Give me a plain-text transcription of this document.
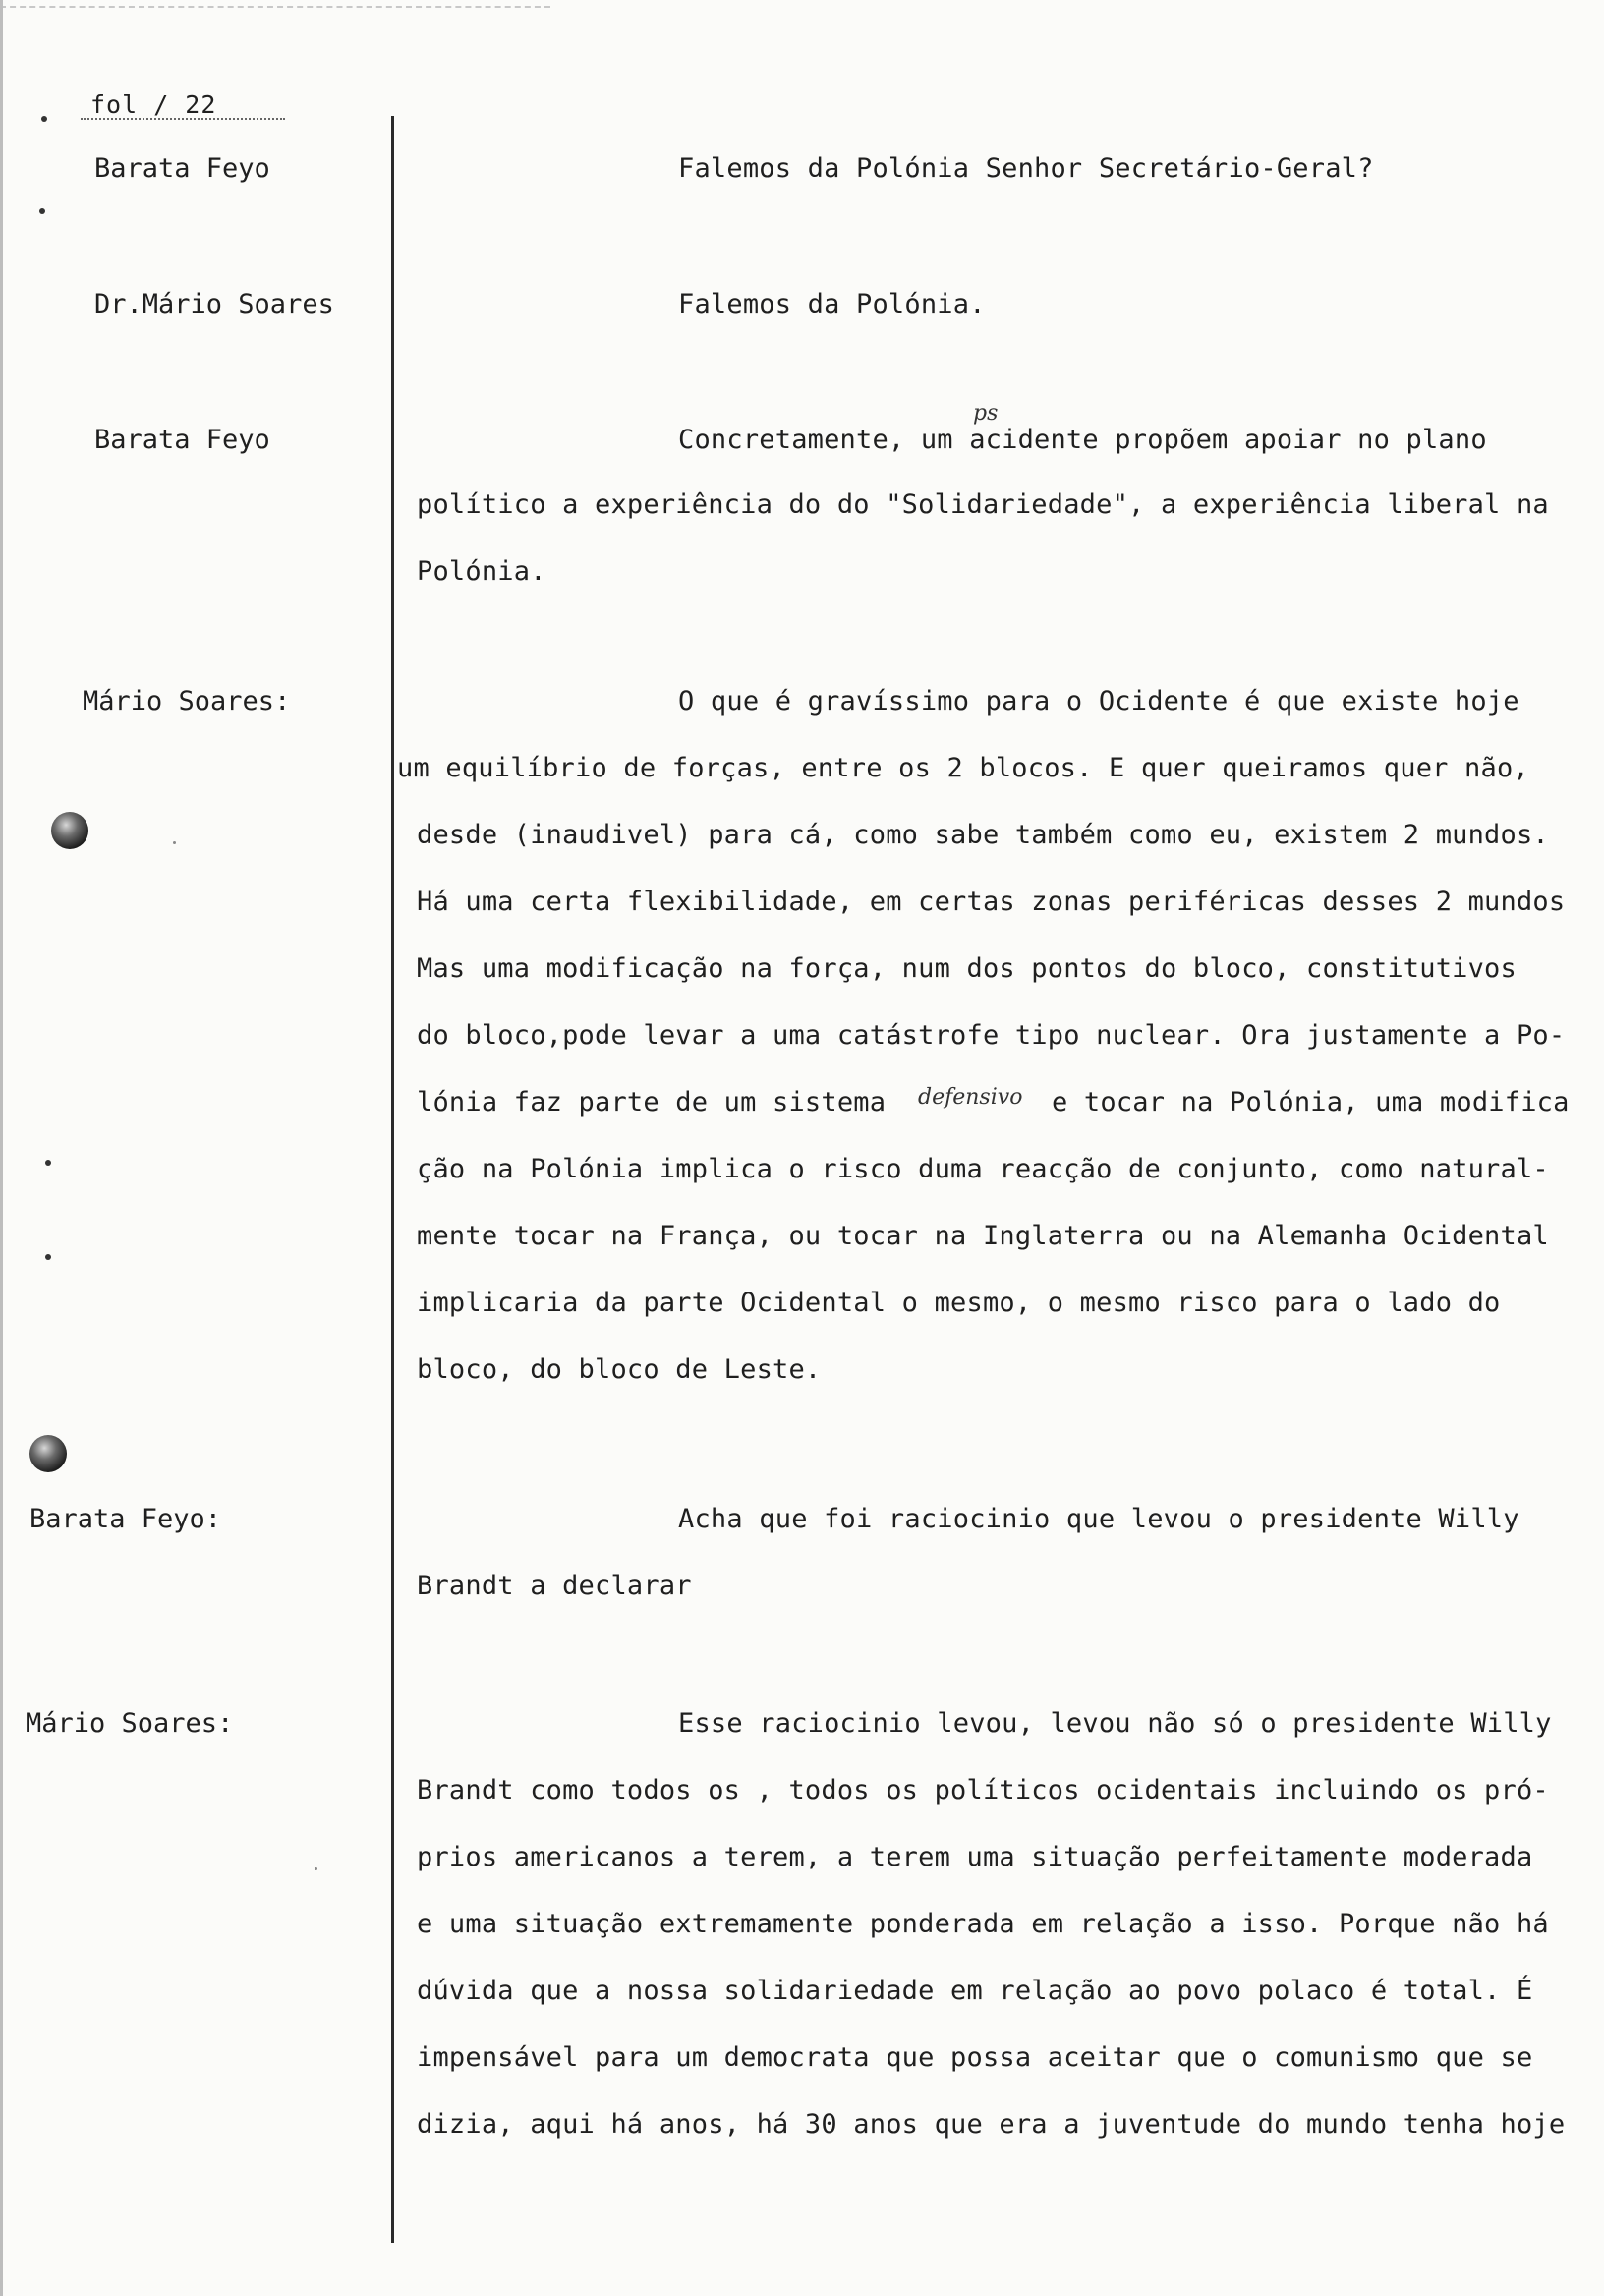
fol / 22
Barata Feyo
Dr.Mário Soares
Barata Feyo
Mário Soares:
Barata Feyo:
Mário Soares:
Falemos da Polónia Senhor Secretário-Geral?
Falemos da Polónia.
ps
Concretamente, um acidente propõem apoiar no plano
político a experiência do do "Solidariedade", a experiência liberal na
Polónia.
O que é gravíssimo para o Ocidente é que existe hoje
um equilíbrio de forças, entre os 2 blocos. E quer queiramos quer não,
desde (inaudivel) para cá, como sabe também como eu, existem 2 mundos.
Há uma certa flexibilidade, em certas zonas periféricas desses 2 mundos
Mas uma modificação na força, num dos pontos do bloco, constitutivos
do bloco,pode levar a uma catástrofe tipo nuclear. Ora justamente a Po-
lónia faz parte de um sistema defensivo e tocar na Polónia, uma modifica
ção na Polónia implica o risco duma reacção de conjunto, como natural-
mente tocar na França, ou tocar na Inglaterra ou na Alemanha Ocidental
implicaria da parte Ocidental o mesmo, o mesmo risco para o lado do
bloco, do bloco de Leste.
Acha que foi raciocinio que levou o presidente Willy
Brandt a declarar
Esse raciocinio levou, levou não só o presidente Willy
Brandt como todos os , todos os políticos ocidentais incluindo os pró-
prios americanos a terem, a terem uma situação perfeitamente moderada
e uma situação extremamente ponderada em relação a isso. Porque não há
dúvida que a nossa solidariedade em relação ao povo polaco é total. É
impensável para um democrata que possa aceitar que o comunismo que se
dizia, aqui há anos, há 30 anos que era a juventude do mundo tenha hoje
